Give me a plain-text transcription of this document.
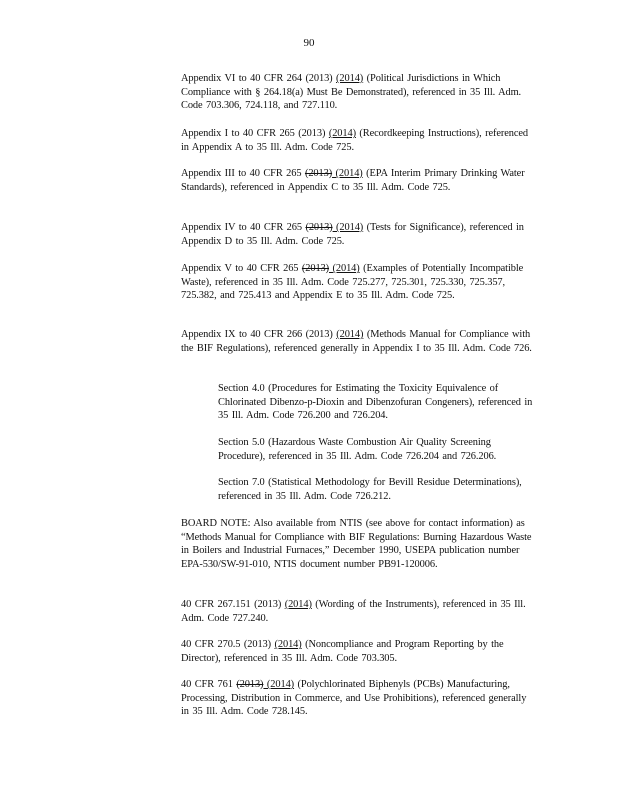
90

Appendix VI to 40 CFR 264 (2013) (2014) (Political Jurisdictions in Which Compliance with § 264.18(a) Must Be Demonstrated), referenced in 35 Ill. Adm. Code 703.306, 724.118, and 727.110.

Appendix I to 40 CFR 265 (2013) (2014) (Recordkeeping Instructions), referenced in Appendix A to 35 Ill. Adm. Code 725.

Appendix III to 40 CFR 265 (2013) (2014) (EPA Interim Primary Drinking Water Standards), referenced in Appendix C to 35 Ill. Adm. Code 725.

Appendix IV to 40 CFR 265 (2013) (2014) (Tests for Significance), referenced in Appendix D to 35 Ill. Adm. Code 725.

Appendix V to 40 CFR 265 (2013) (2014) (Examples of Potentially Incompatible Waste), referenced in 35 Ill. Adm. Code 725.277, 725.301, 725.330, 725.357, 725.382, and 725.413 and Appendix E to 35 Ill. Adm. Code 725.

Appendix IX to 40 CFR 266 (2013) (2014) (Methods Manual for Compliance with the BIF Regulations), referenced generally in Appendix I to 35 Ill. Adm. Code 726.

Section 4.0 (Procedures for Estimating the Toxicity Equivalence of Chlorinated Dibenzo-p-Dioxin and Dibenzofuran Congeners), referenced in 35 Ill. Adm. Code 726.200 and 726.204.

Section 5.0 (Hazardous Waste Combustion Air Quality Screening Procedure), referenced in 35 Ill. Adm. Code 726.204 and 726.206.

Section 7.0 (Statistical Methodology for Bevill Residue Determinations), referenced in 35 Ill. Adm. Code 726.212.

BOARD NOTE: Also available from NTIS (see above for contact information) as “Methods Manual for Compliance with BIF Regulations: Burning Hazardous Waste in Boilers and Industrial Furnaces,” December 1990, USEPA publication number EPA-530/SW-91-010, NTIS document number PB91-120006.

40 CFR 267.151 (2013) (2014) (Wording of the Instruments), referenced in 35 Ill. Adm. Code 727.240.

40 CFR 270.5 (2013) (2014) (Noncompliance and Program Reporting by the Director), referenced in 35 Ill. Adm. Code 703.305.

40 CFR 761 (2013) (2014) (Polychlorinated Biphenyls (PCBs) Manufacturing, Processing, Distribution in Commerce, and Use Prohibitions), referenced generally in 35 Ill. Adm. Code 728.145.
